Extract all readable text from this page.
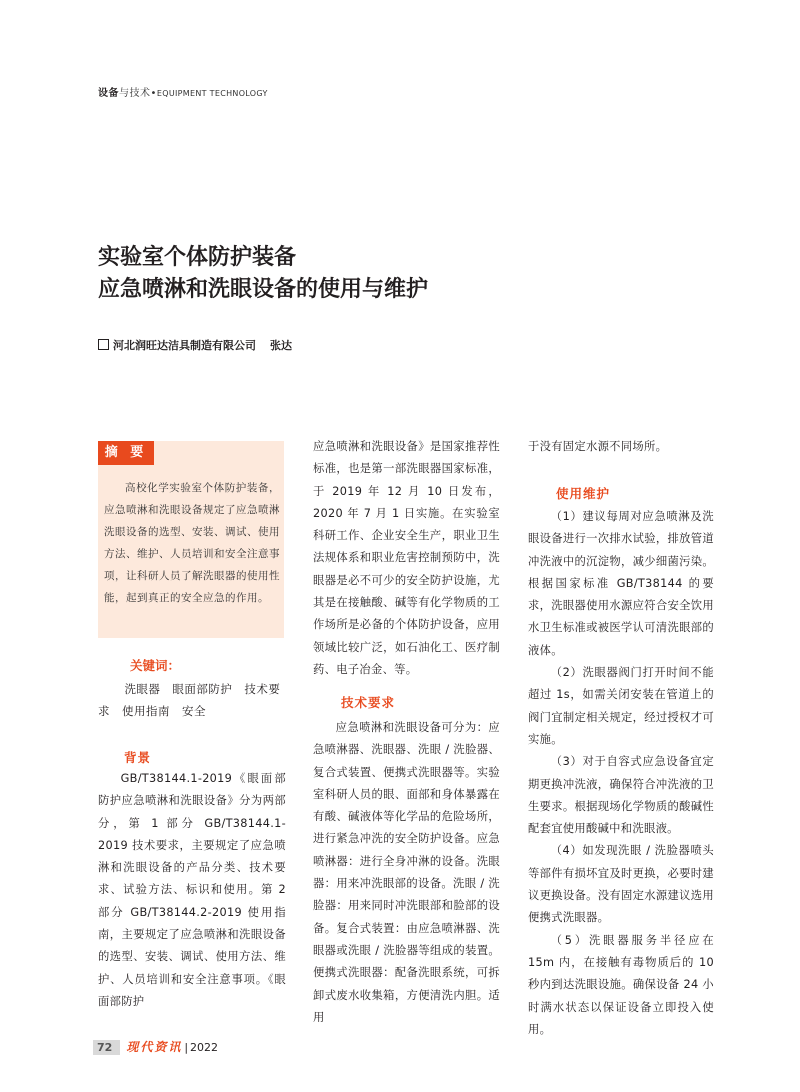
设备与技术•EQUIPMENT TECHNOLOGY
实验室个体防护装备
应急喷淋和洗眼设备的使用与维护
河北润旺达洁具制造有限公司 张达
摘 要
高校化学实验室个体防护装备，应急喷淋和洗眼设备规定了应急喷淋洗眼设备的选型、安装、调试、使用方法、维护、人员培训和安全注意事项，让科研人员了解洗眼器的使用性能，起到真正的安全应急的作用。
关键词：
洗眼器　眼面部防护　技术要求　使用指南　安全
背景
GB/T38144.1-2019《眼面部防护应急喷淋和洗眼设备》分为两部分，第 1 部分 GB/T38144.1-2019 技术要求，主要规定了应急喷淋和洗眼设备的产品分类、技术要求、试验方法、标识和使用。第 2 部分 GB/T38144.2-2019 使用指南，主要规定了应急喷淋和洗眼设备的选型、安装、调试、使用方法、维护、人员培训和安全注意事项。《眼面部防护
应急喷淋和洗眼设备》是国家推荐性标准，也是第一部洗眼器国家标准，于 2019 年 12 月 10 日发布，2020 年 7 月 1 日实施。在实验室科研工作、企业安全生产，职业卫生法规体系和职业危害控制预防中，洗眼器是必不可少的安全防护设施，尤其是在接触酸、碱等有化学物质的工作场所是必备的个体防护设备，应用领域比较广泛，如石油化工、医疗制药、电子冶金、等。
技术要求
应急喷淋和洗眼设备可分为：应急喷淋器、洗眼器、洗眼 / 洗脸器、复合式装置、便携式洗眼器等。实验室科研人员的眼、面部和身体暴露在有酸、碱液体等化学品的危险场所，进行紧急冲洗的安全防护设备。应急喷淋器：进行全身冲淋的设备。洗眼器：用来冲洗眼部的设备。洗眼 / 洗脸器：用来同时冲洗眼部和脸部的设备。复合式装置：由应急喷淋器、洗眼器或洗眼 / 洗脸器等组成的装置。便携式洗眼器：配备洗眼系统，可拆卸式废水收集箱，方便清洗内胆。适用
于没有固定水源不同场所。
使用维护

（1）建议每周对应急喷淋及洗眼设备进行一次排水试验，排放管道冲洗液中的沉淀物，减少细菌污染。根据国家标准 GB/T38144 的要求，洗眼器使用水源应符合安全饮用水卫生标准或被医学认可清洗眼部的液体。

（2）洗眼器阀门打开时间不能超过 1s，如需关闭安装在管道上的阀门宜制定相关规定，经过授权才可实施。

（3）对于自容式应急设备宜定期更换冲洗液，确保符合冲洗液的卫生要求。根据现场化学物质的酸碱性配套宜使用酸碱中和洗眼液。

（4）如发现洗眼 / 洗脸器喷头等部件有损坏宜及时更换，必要时建议更换设备。没有固定水源建议选用便携式洗眼器。

（5）洗眼器服务半径应在 15m 内，在接触有毒物质后的 10 秒内到达洗眼设施。确保设备 24 小时满水状态以保证设备立即投入使用。

72 现代资讯 | 2022
